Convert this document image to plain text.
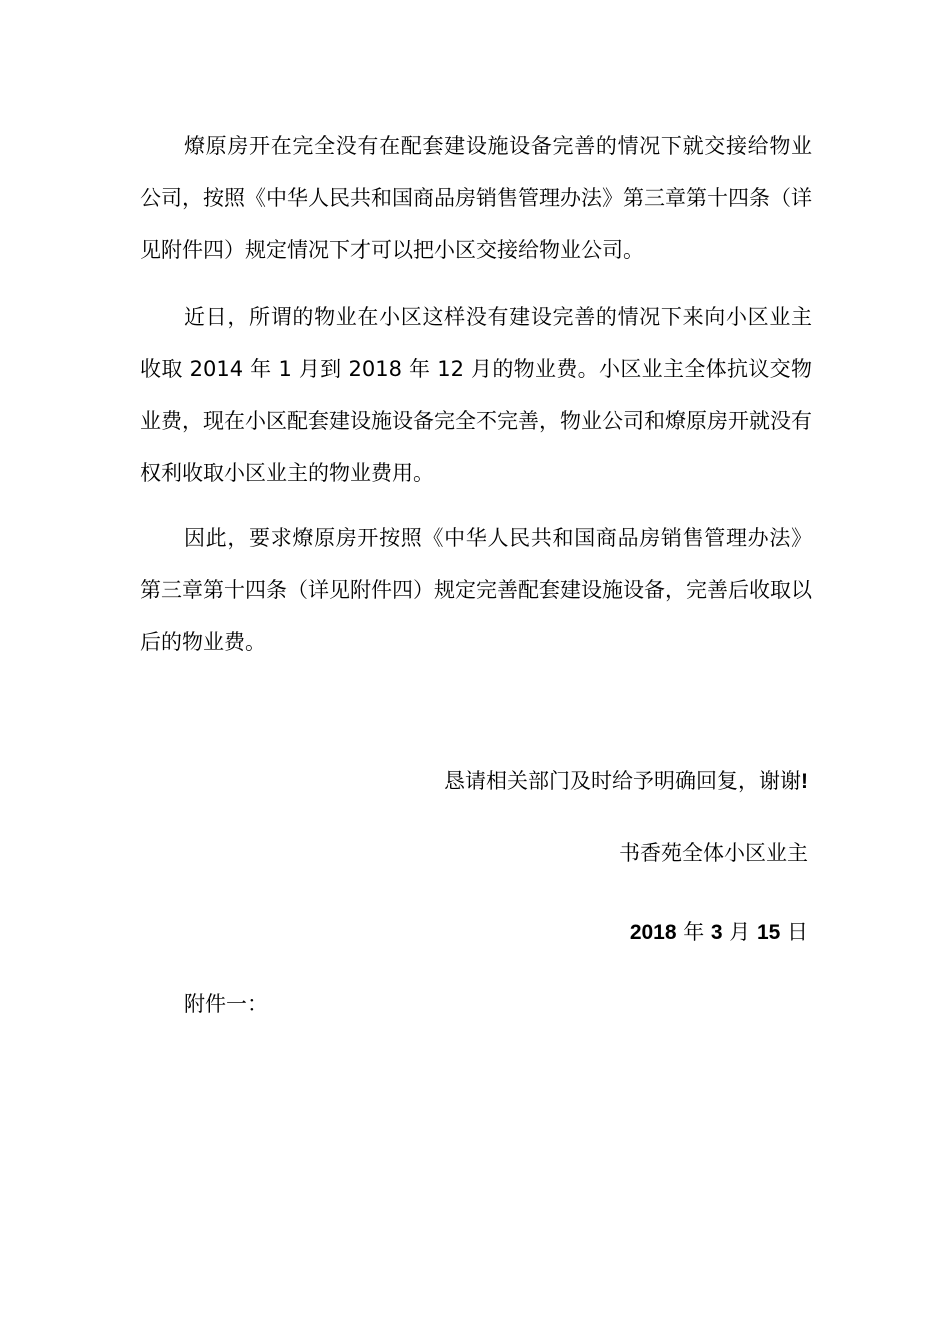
燎原房开在完全没有在配套建设施设备完善的情况下就交接给物业公司，按照《中华人民共和国商品房销售管理办法》第三章第十四条（详见附件四）规定情况下才可以把小区交接给物业公司。

近日，所谓的物业在小区这样没有建设完善的情况下来向小区业主收取 2014 年 1 月到 2018 年 12 月的物业费。小区业主全体抗议交物业费，现在小区配套建设施设备完全不完善，物业公司和燎原房开就没有权利收取小区业主的物业费用。

因此，要求燎原房开按照《中华人民共和国商品房销售管理办法》第三章第十四条（详见附件四）规定完善配套建设施设备，完善后收取以后的物业费。

恳请相关部门及时给予明确回复，谢谢!

书香苑全体小区业主

2018 年 3 月 15 日

附件一：
